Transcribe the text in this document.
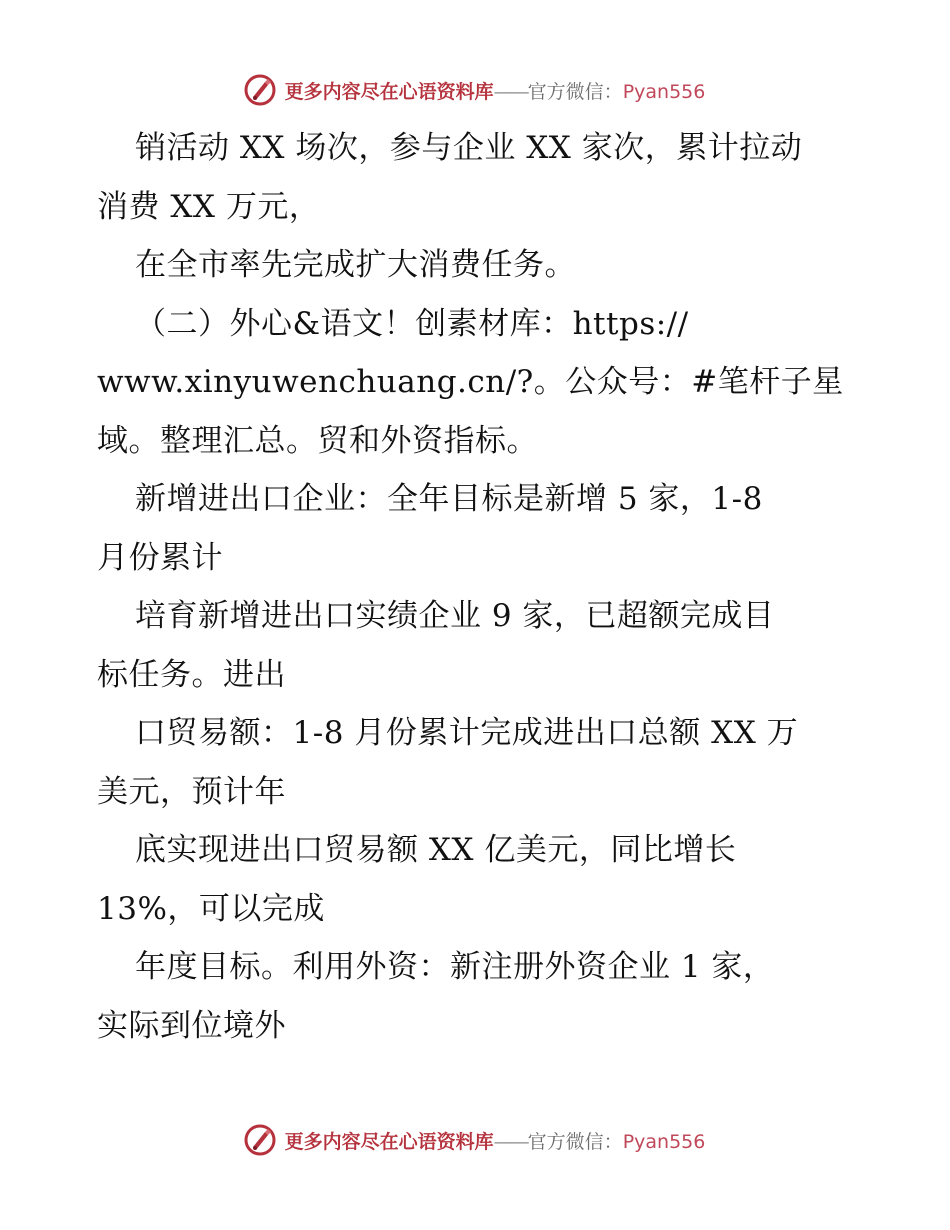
更多内容尽在心语资料库——官方微信：Pyan556
销活动 XX 场次，参与企业 XX 家次，累计拉动
消费 XX 万元，
在全市率先完成扩大消费任务。
（二）外心&语文！创素材库：https://
www.xinyuwenchuang.cn/?。公众号：#笔杆子星
域。整理汇总。贸和外资指标。
新增进出口企业：全年目标是新增 5 家，1-8
月份累计
培育新增进出口实绩企业 9 家，已超额完成目
标任务。进出
口贸易额：1-8 月份累计完成进出口总额 XX 万
美元，预计年
底实现进出口贸易额 XX 亿美元，同比增长
13%，可以完成
年度目标。利用外资：新注册外资企业 1 家，
实际到位境外
更多内容尽在心语资料库——官方微信：Pyan556
